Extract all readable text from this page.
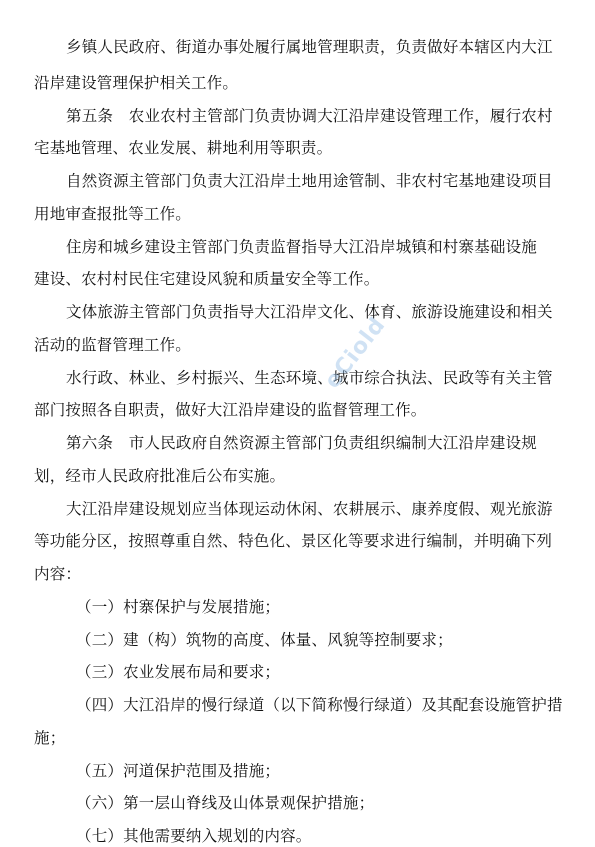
乡镇人民政府、街道办事处履行属地管理职责，负责做好本辖区内大江
沿岸建设管理保护相关工作。
第五条　农业农村主管部门负责协调大江沿岸建设管理工作，履行农村
宅基地管理、农业发展、耕地利用等职责。
自然资源主管部门负责大江沿岸土地用途管制、非农村宅基地建设项目
用地审查报批等工作。
住房和城乡建设主管部门负责监督指导大江沿岸城镇和村寨基础设施
建设、农村村民住宅建设风貌和质量安全等工作。
文体旅游主管部门负责指导大江沿岸文化、体育、旅游设施建设和相关
活动的监督管理工作。
水行政、林业、乡村振兴、生态环境、城市综合执法、民政等有关主管
部门按照各自职责，做好大江沿岸建设的监督管理工作。
第六条　市人民政府自然资源主管部门负责组织编制大江沿岸建设规
划，经市人民政府批准后公布实施。
大江沿岸建设规划应当体现运动休闲、农耕展示、康养度假、观光旅游
等功能分区，按照尊重自然、特色化、景区化等要求进行编制，并明确下列
内容：
（一）村寨保护与发展措施；
（二）建（构）筑物的高度、体量、风貌等控制要求；
（三）农业发展布局和要求；
（四）大江沿岸的慢行绿道（以下简称慢行绿道）及其配套设施管护措
施；
（五）河道保护范围及措施；
（六）第一层山脊线及山体景观保护措施；
（七）其他需要纳入规划的内容。
eCiold
